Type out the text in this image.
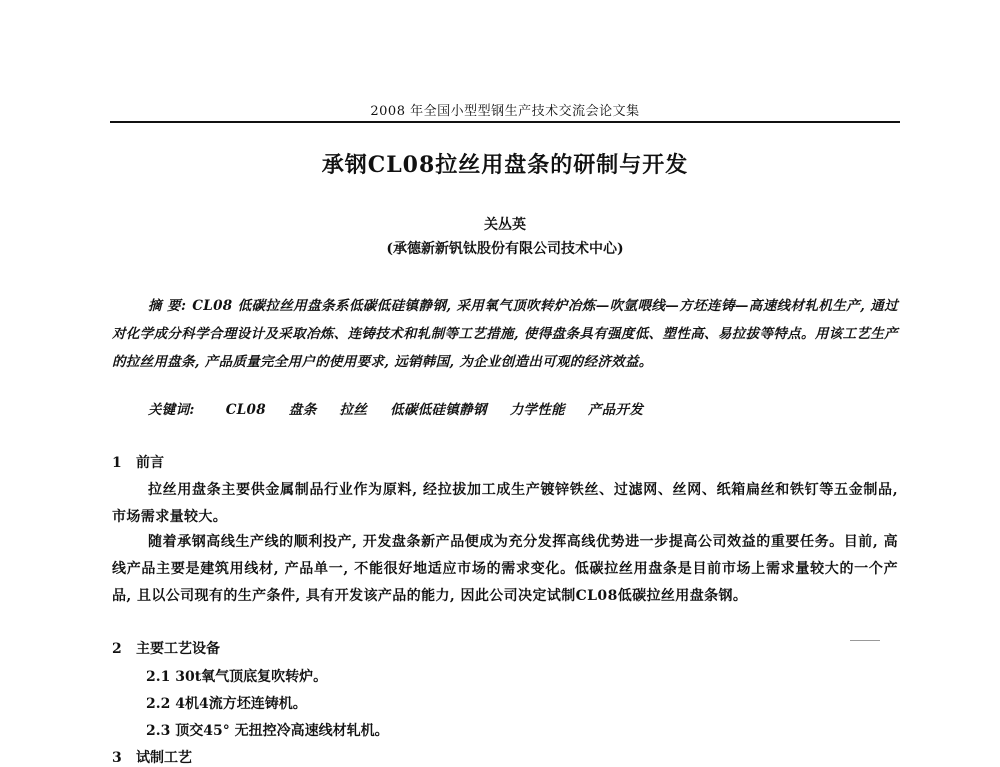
2008 年全国小型型钢生产技术交流会论文集
承钢CL08拉丝用盘条的研制与开发
关丛英
(承德新新钒钛股份有限公司技术中心)
摘 要: CL08 低碳拉丝用盘条系低碳低硅镇静钢, 采用氧气顶吹转炉冶炼—吹氩喂线—方坯连铸—高速线材轧机生产, 通过对化学成分科学合理设计及采取冶炼、连铸技术和轧制等工艺措施, 使得盘条具有强度低、塑性高、易拉拔等特点。用该工艺生产的拉丝用盘条, 产品质量完全用户的使用要求, 远销韩国, 为企业创造出可观的经济效益。
关键词: CL08 盘条 拉丝 低碳低硅镇静钢 力学性能 产品开发
1 前言
拉丝用盘条主要供金属制品行业作为原料, 经拉拔加工成生产镀锌铁丝、过滤网、丝网、纸箱扁丝和铁钉等五金制品, 市场需求量较大。
随着承钢高线生产线的顺利投产, 开发盘条新产品便成为充分发挥高线优势进一步提高公司效益的重要任务。目前, 高线产品主要是建筑用线材, 产品单一, 不能很好地适应市场的需求变化。低碳拉丝用盘条是目前市场上需求量较大的一个产品, 且以公司现有的生产条件, 具有开发该产品的能力, 因此公司决定试制CL08低碳拉丝用盘条钢。
2 主要工艺设备
2.1 30t氧气顶底复吹转炉。
2.2 4机4流方坯连铸机。
2.3 顶交45° 无扭控冷高速线材轧机。
3 试制工艺
